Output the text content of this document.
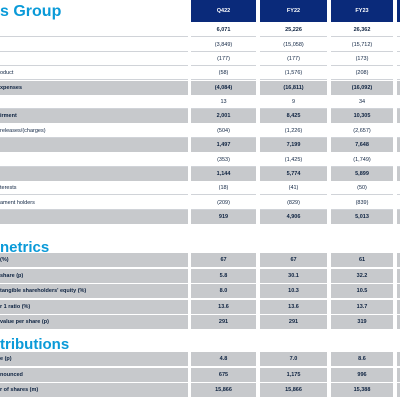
s Group	Q422	FY22	FY23
6,071	25,226	26,362
(3,849)	(15,058)	(15,712)
(177)	(177)	(173)
oduct	(58)	(1,576)	(208)
xpenses	(4,084)	(16,811)	(16,092)
13	9	34
irment	2,001	8,425	10,305
releases/(charges)	(504)	(1,226)	(2,657)
1,497	7,199	7,648
(353)	(1,425)	(1,749)
1,144	5,774	5,899
terests	(18)	(41)	(50)
ament holders	(209)	(829)	(839)
919	4,906	5,013
(%)	67	67	61
share (p)	5.8	30.1	32.2
tangible shareholders' equity (%)	8.0	10.3	10.5
r 1 ratio (%)	13.6	13.6	13.7
value per share (p)	291	291	319
e (p)	4.8	7.0	8.6
nounced	675	1,175	996
r of shares (m)	15,866	15,866	15,388
netrics
tributions
